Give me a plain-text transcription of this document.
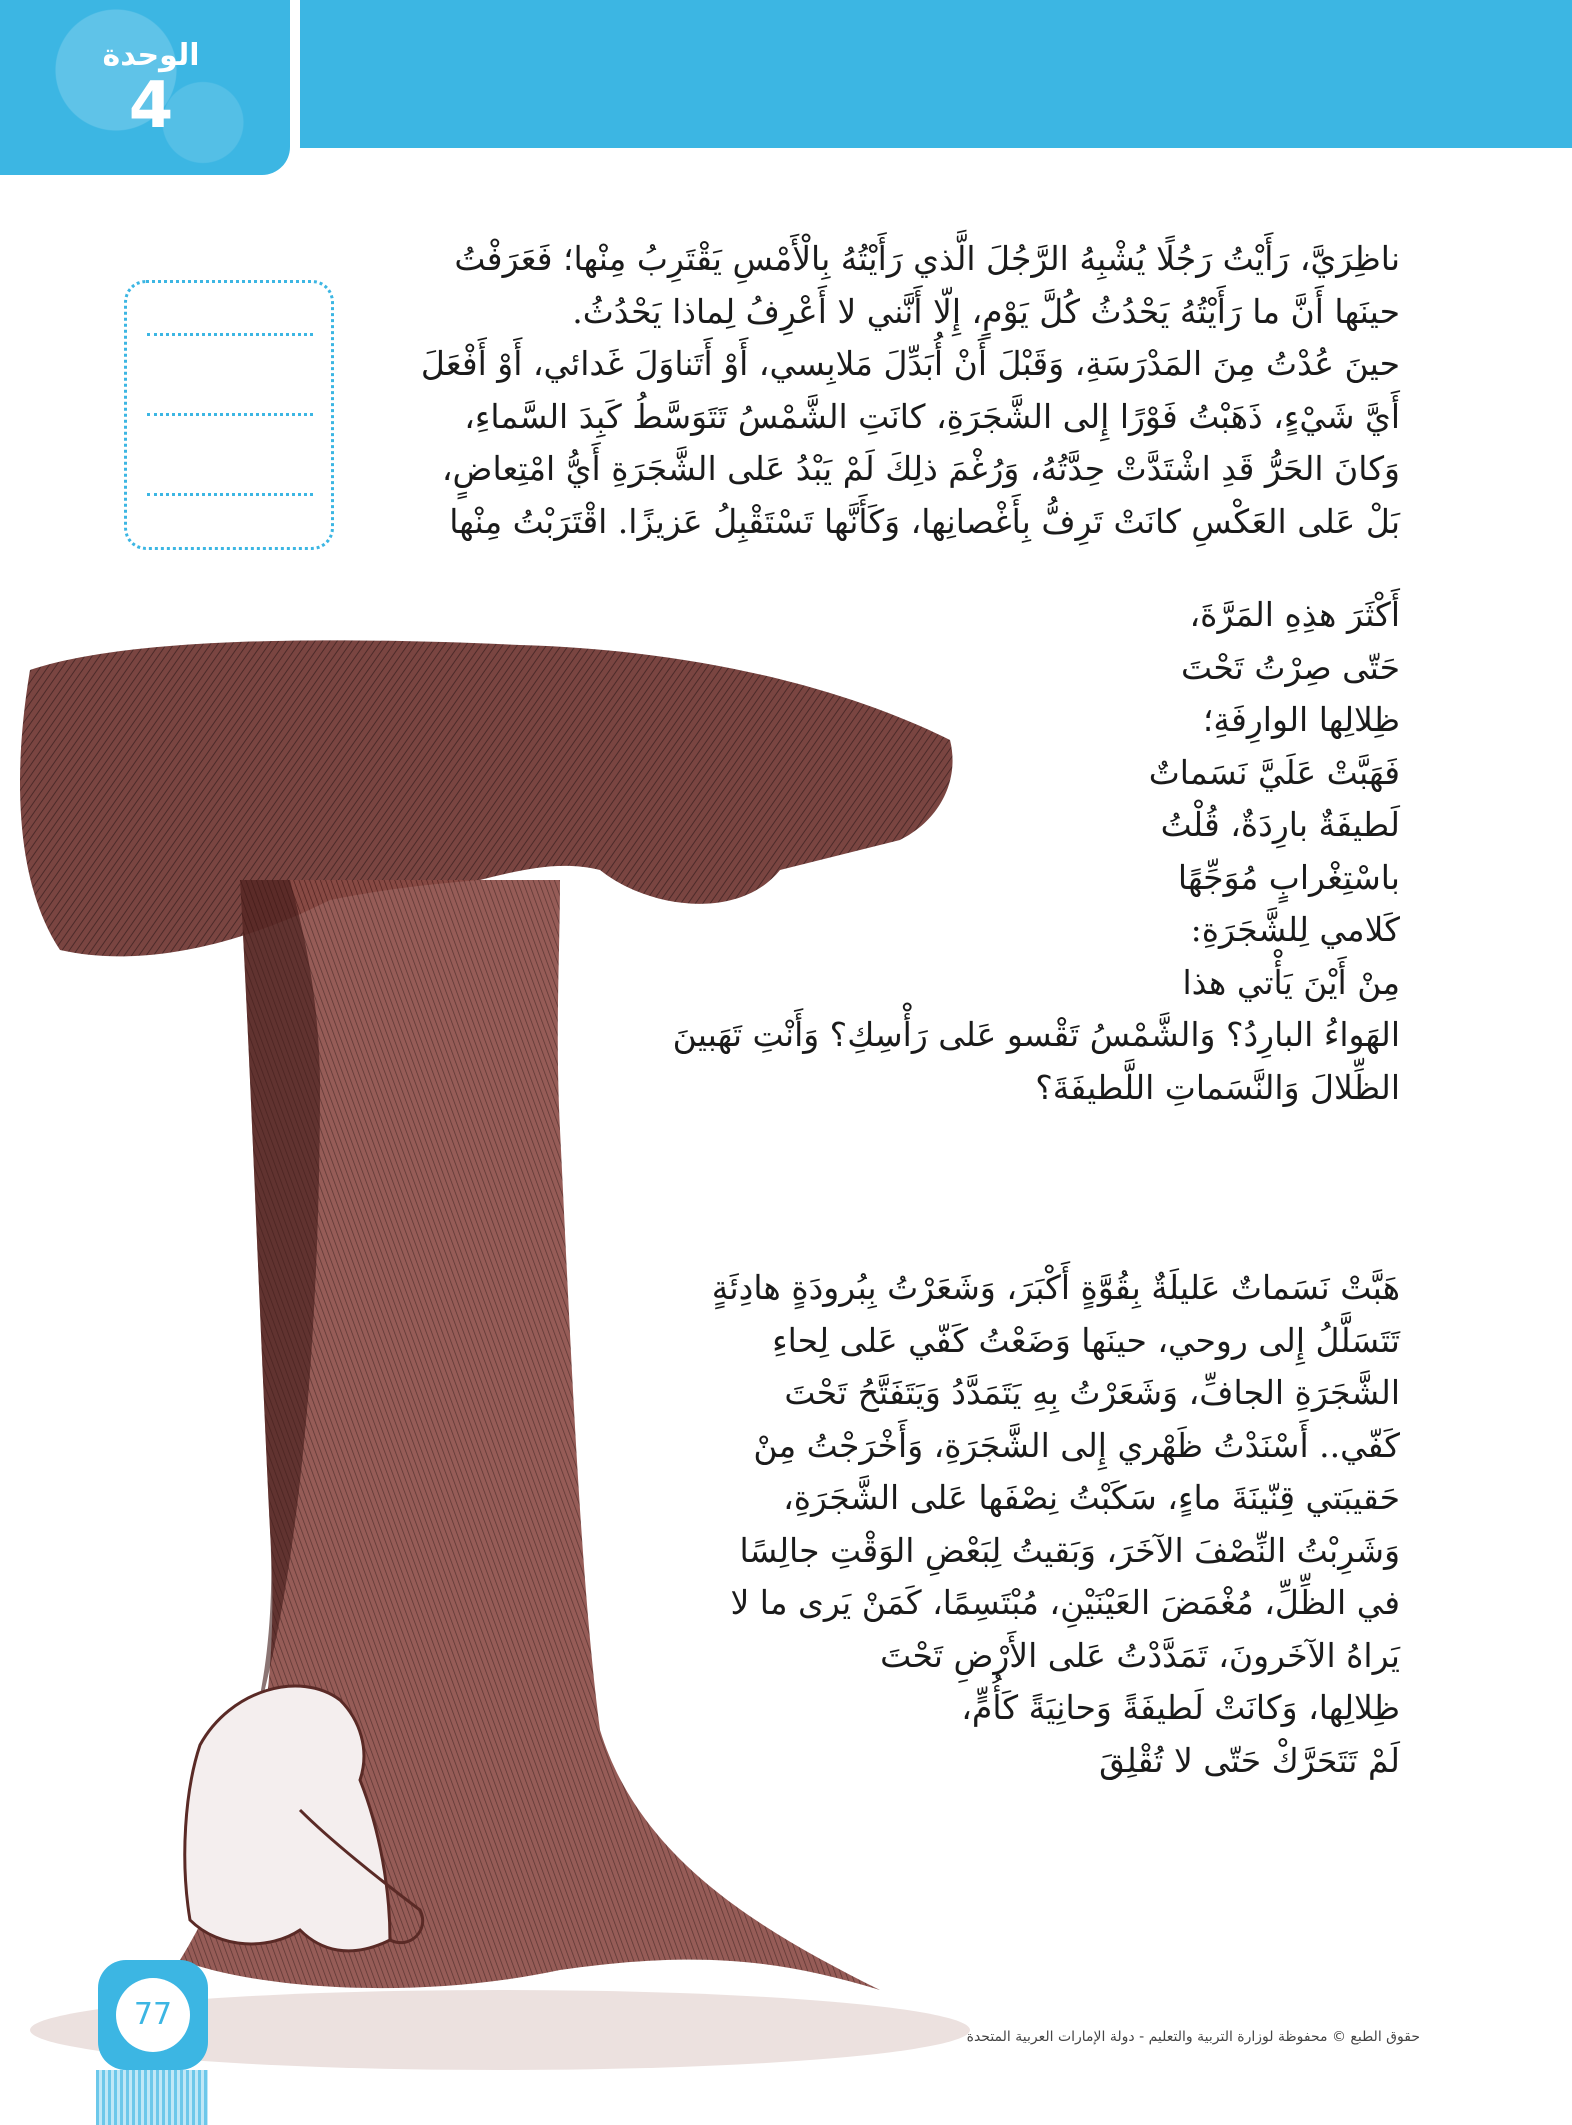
الوحدة
4
ناظِرَيَّ، رَأَيْتُ رَجُلًا يُشْبِهُ الرَّجُلَ الَّذي رَأَيْتُهُ بِالْأَمْسِ يَقْتَرِبُ مِنْها؛ فَعَرَفْتُ
حينَها أَنَّ ما رَأَيْتُهُ يَحْدُثُ كُلَّ يَوْمٍ، إِلّا أَنَّني لا أَعْرِفُ لِماذا يَحْدُثُ.
حينَ عُدْتُ مِنَ المَدْرَسَةِ، وَقَبْلَ أَنْ أُبَدِّلَ مَلابِسي، أَوْ أَتَناوَلَ غَدائي، أَوْ أَفْعَلَ
أَيَّ شَيْءٍ، ذَهَبْتُ فَوْرًا إِلى الشَّجَرَةِ، كانَتِ الشَّمْسُ تَتَوَسَّطُ كَبِدَ السَّماءِ،
وَكانَ الحَرُّ قَدِ اشْتَدَّتْ حِدَّتُهُ، وَرُغْمَ ذلِكَ لَمْ يَبْدُ عَلى الشَّجَرَةِ أَيُّ امْتِعاضٍ،
بَلْ عَلى العَكْسِ كانَتْ تَرِفُّ بِأَغْصانِها، وَكَأَنَّها تَسْتَقْبِلُ عَزيزًا. اقْتَرَبْتُ مِنْها
أَكْثَرَ هذِهِ المَرَّةَ،
حَتّى صِرْتُ تَحْتَ
ظِلالِها الوارِفَةِ؛
فَهَبَّتْ عَلَيَّ نَسَماتٌ
لَطيفَةٌ بارِدَةٌ، قُلْتُ
باسْتِغْرابٍ مُوَجِّهًا
كَلامي لِلشَّجَرَةِ:
مِنْ أَيْنَ يَأْتي هذا
الهَواءُ البارِدُ؟ وَالشَّمْسُ تَقْسو عَلى رَأْسِكِ؟ وَأَنْتِ تَهَبينَ
الظِّلالَ وَالنَّسَماتِ اللَّطيفَةَ؟
هَبَّتْ نَسَماتٌ عَليلَةٌ بِقُوَّةٍ أَكْبَرَ، وَشَعَرْتُ بِبُرودَةٍ هادِئَةٍ
تَتَسَلَّلُ إِلى روحي، حينَها وَضَعْتُ كَفّي عَلى لِحاءِ
الشَّجَرَةِ الجافِّ، وَشَعَرْتُ بِهِ يَتَمَدَّدُ وَيَتَفَتَّحُ تَحْتَ
كَفّي.. أَسْنَدْتُ ظَهْري إِلى الشَّجَرَةِ، وَأَخْرَجْتُ مِنْ
حَقيبَتي قِنّينَةَ ماءٍ، سَكَبْتُ نِصْفَها عَلى الشَّجَرَةِ،
وَشَرِبْتُ النِّصْفَ الآخَرَ، وَبَقيتُ لِبَعْضِ الوَقْتِ جالِسًا
في الظِّلِّ، مُغْمَضَ العَيْنَيْنِ، مُبْتَسِمًا، كَمَنْ يَرى ما لا
يَراهُ الآخَرونَ، تَمَدَّدْتُ عَلى الأَرْضِ تَحْتَ
ظِلالِها، وَكانَتْ لَطيفَةً وَحانِيَةً كَأُمٍّ،
لَمْ تَتَحَرَّكْ حَتّى لا تُقْلِقَ
77
حقوق الطبع © محفوظة لوزارة التربية والتعليم - دولة الإمارات العربية المتحدة
